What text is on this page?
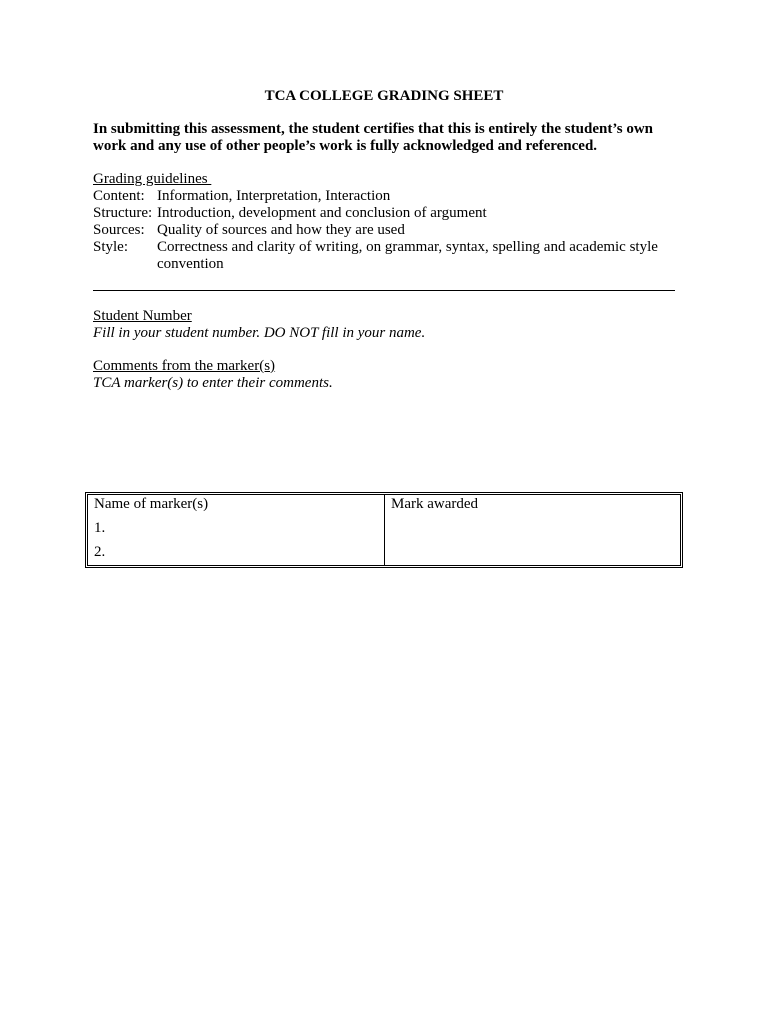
TCA COLLEGE GRADING SHEET
In submitting this assessment, the student certifies that this is entirely the student’s own work and any use of other people’s work is fully acknowledged and referenced.
Grading guidelines
Content: Information, Interpretation, Interaction
Structure: Introduction, development and conclusion of argument
Sources: Quality of sources and how they are used
Style:	Correctness and clarity of writing, on grammar, syntax, spelling and academic style convention
Student Number
Fill in your student number. DO NOT fill in your name.
Comments from the marker(s)
TCA marker(s) to enter their comments.
Name of marker(s)
1.
2.
Mark awarded
